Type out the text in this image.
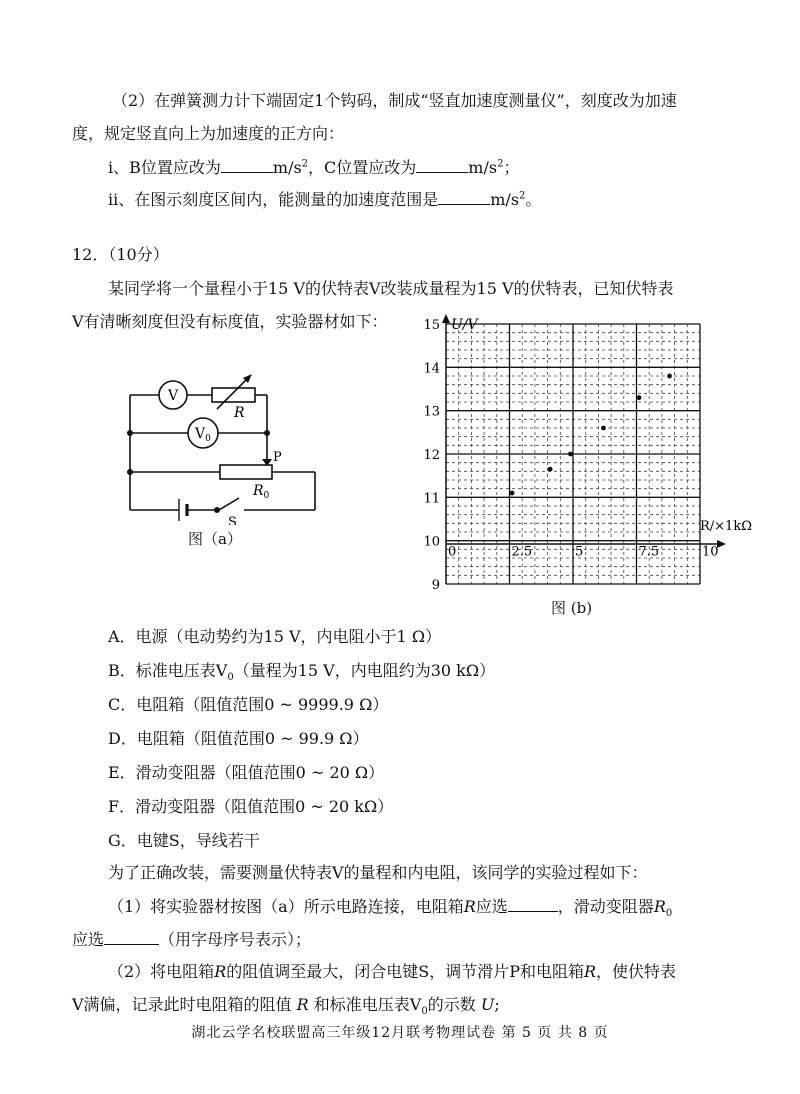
（2）在弹簧测力计下端固定1个钩码，制成“竖直加速度测量仪”，刻度改为加速
度，规定竖直向上为加速度的正方向：
i、B位置应改为	$m/s^2$，C位置应改为	$m/s^2$；
ii、在图示刻度区间内，能测量的加速度范围是	$m/s^2$。
12．（10分）
某同学将一个量程小于15 V的伏特表V改装成量程为15 V的伏特表，已知伏特表
V有清晰刻度但没有标度值，实验器材如下：
V
$V_0$
R
P
$R_0$
S
图（a）
U/V
R/×1kΩ
15
14
13
12
11
10
9
0	2.5	5	7.5	10
图 (b)
A．电源（电动势约为15 V，内电阻小于1 Ω）
B．标准电压表$V_0$（量程为15 V，内电阻约为30 kΩ）
C．电阻箱（阻值范围0 ~ 9999.9 Ω）
D．电阻箱（阻值范围0 ~ 99.9 Ω）
E．滑动变阻器（阻值范围0 ~ 20 Ω）
F．滑动变阻器（阻值范围0 ~ 20 kΩ）
G．电键S，导线若干
为了正确改装，需要测量伏特表V的量程和内电阻，该同学的实验过程如下：
（1）将实验器材按图（a）所示电路连接，电阻箱R应选	，滑动变阻器$R_0$
应选	（用字母序号表示）；
（2）将电阻箱R的阻值调至最大，闭合电键S，调节滑片P和电阻箱R，使伏特表
V满偏，记录此时电阻箱的阻值 R 和标准电压表$V_0$的示数 U;
湖北云学名校联盟高三年级12月联考物理试卷 第 5 页 共 8 页
